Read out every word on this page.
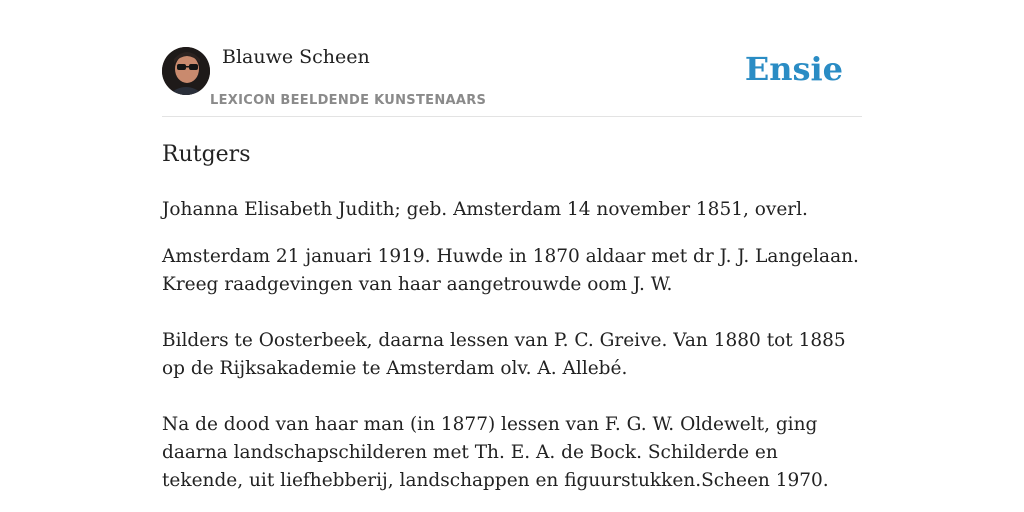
Blauwe Scheen
LEXICON BEELDENDE KUNSTENAARS
Ensie
Rutgers

Johanna Elisabeth Judith; geb. Amsterdam 14 november 1851, overl.

Amsterdam 21 januari 1919. Huwde in 1870 aldaar met dr J. J. Langelaan. Kreeg raadgevingen van haar aangetrouwde oom J. W.

Bilders te Oosterbeek, daarna lessen van P. C. Greive. Van 1880 tot 1885 op de Rijksakademie te Amsterdam olv. A. Allebé.

Na de dood van haar man (in 1877) lessen van F. G. W. Oldewelt, ging daarna landschapschilderen met Th. E. A. de Bock. Schilderde en tekende, uit liefhebberij, landschappen en figuurstukken.Scheen 1970.
